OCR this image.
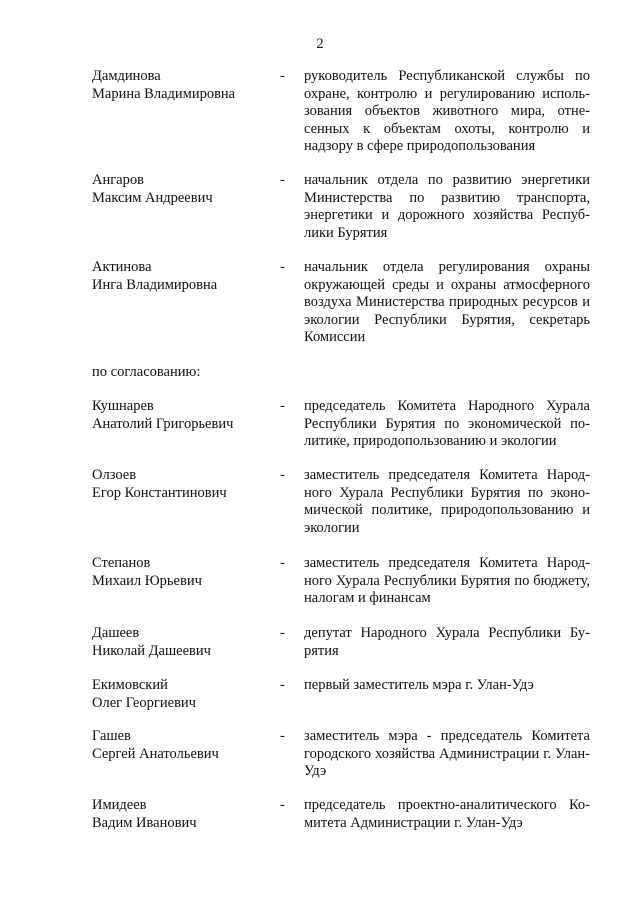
2
Дамдинова
Марина Владимировна
- руководитель Республиканской службы по охране, контролю и регулированию использования объектов животного мира, отнесенных к объектам охоты, контролю и надзору в сфере природопользования
Ангаров
Максим Андреевич
- начальник отдела по развитию энергетики Министерства по развитию транспорта, энергетики и дорожного хозяйства Республики Бурятия
Актинова
Инга Владимировна
- начальник отдела регулирования охраны окружающей среды и охраны атмосферного воздуха Министерства природных ресурсов и экологии Республики Бурятия, секретарь Комиссии
по согласованию:
Кушнарев
Анатолий Григорьевич
- председатель Комитета Народного Хурала Республики Бурятия по экономической политике, природопользованию и экологии
Олзоев
Егор Константинович
- заместитель председателя Комитета Народного Хурала Республики Бурятия по экономической политике, природопользованию и экологии
Степанов
Михаил Юрьевич
- заместитель председателя Комитета Народного Хурала Республики Бурятия по бюджету, налогам и финансам
Дашеев
Николай Дашеевич
- депутат Народного Хурала Республики Бурятия
Екимовский
Олег Георгиевич
- первый заместитель мэра г. Улан-Удэ
Гашев
Сергей Анатольевич
- заместитель мэра - председатель Комитета городского хозяйства Администрации г. Улан-Удэ
Имидеев
Вадим Иванович
- председатель проектно-аналитического Комитета Администрации г. Улан-Удэ
